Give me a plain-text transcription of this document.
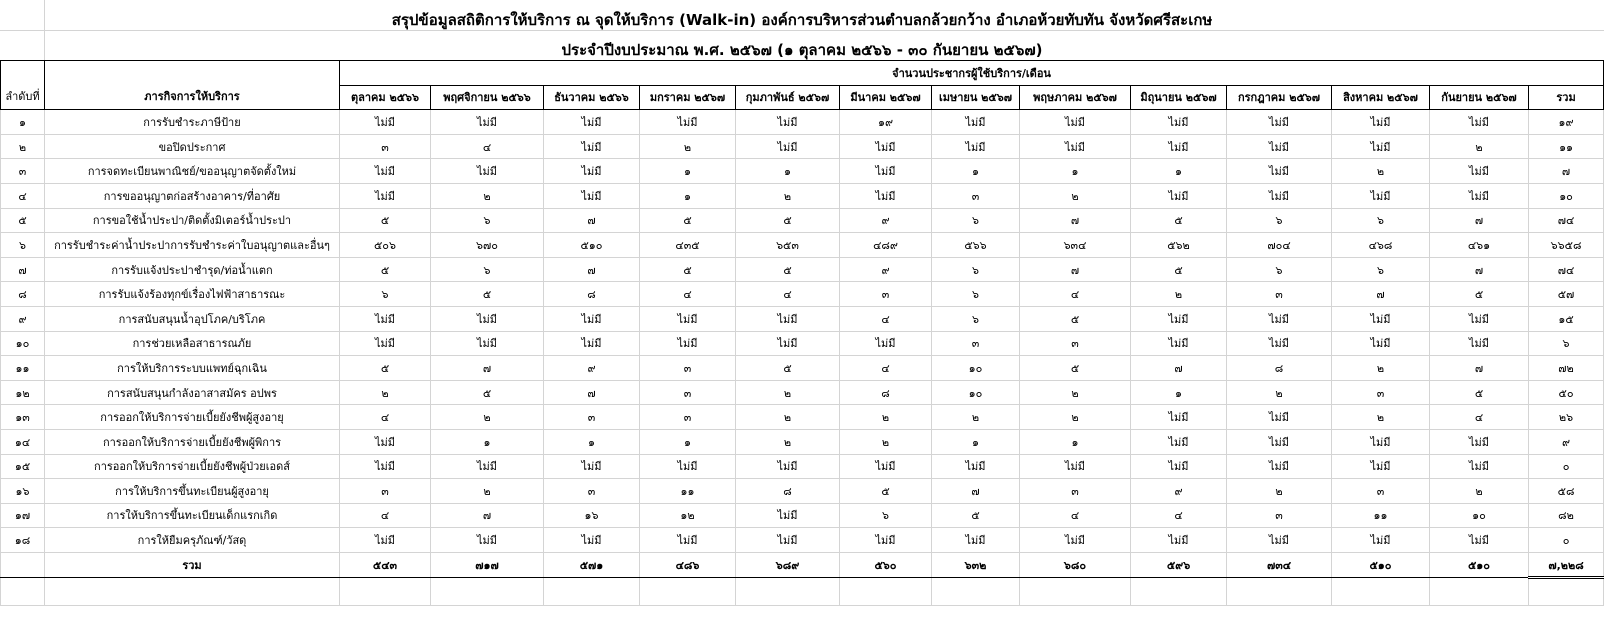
สรุปข้อมูลสถิติการให้บริการ ณ จุดให้บริการ (Walk-in) องค์การบริหารส่วนตำบลกล้วยกว้าง อำเภอห้วยทับทัน จังหวัดศรีสะเกษ
ประจำปีงบประมาณ พ.ศ. ๒๕๖๗ (๑ ตุลาคม ๒๕๖๖ - ๓๐ กันยายน ๒๕๖๗)
ลำดับที่	ภารกิจการให้บริการ	จำนวนประชากรผู้ใช้บริการ/เดือน												
		ตุลาคม ๒๕๖๖	พฤศจิกายน ๒๕๖๖	ธันวาคม ๒๕๖๖	มกราคม ๒๕๖๗	กุมภาพันธ์ ๒๕๖๗	มีนาคม ๒๕๖๗	เมษายน ๒๕๖๗	พฤษภาคม ๒๕๖๗	มิถุนายน ๒๕๖๗	กรกฎาคม ๒๕๖๗	สิงหาคม ๒๕๖๗	กันยายน ๒๕๖๗	รวม
๑	การรับชำระภาษีป้าย	ไม่มี	ไม่มี	ไม่มี	ไม่มี	ไม่มี	๑๙	ไม่มี	ไม่มี	ไม่มี	ไม่มี	ไม่มี	ไม่มี	๑๙
๒	ขอปิดประกาศ	๓	๔	ไม่มี	๒	ไม่มี	ไม่มี	ไม่มี	ไม่มี	ไม่มี	ไม่มี	ไม่มี	๒	๑๑
๓	การจดทะเบียนพาณิชย์/ขออนุญาตจัดตั้งใหม่	ไม่มี	ไม่มี	ไม่มี	๑	๑	ไม่มี	๑	๑	๑	ไม่มี	๒	ไม่มี	๗
๔	การขออนุญาตก่อสร้างอาคาร/ที่อาศัย	ไม่มี	๒	ไม่มี	๑	๒	ไม่มี	๓	๒	ไม่มี	ไม่มี	ไม่มี	ไม่มี	๑๐
๕	การขอใช้น้ำประปา/ติดตั้งมิเตอร์น้ำประปา	๕	๖	๗	๕	๕	๙	๖	๗	๕	๖	๖	๗	๗๔
๖	การรับชำระค่าน้ำประปาการรับชำระค่าใบอนุญาตและอื่นๆ	๕๐๖	๖๗๐	๕๑๐	๔๓๕	๖๕๓	๔๘๙	๕๖๖	๖๓๔	๕๖๒	๗๐๔	๔๖๘	๔๖๑	๖๖๕๘
๗	การรับแจ้งประปาชำรุด/ท่อน้ำแตก	๕	๖	๗	๕	๕	๙	๖	๗	๕	๖	๖	๗	๗๔
๘	การรับแจ้งร้องทุกข์เรื่องไฟฟ้าสาธารณะ	๖	๕	๘	๔	๔	๓	๖	๔	๒	๓	๗	๕	๕๗
๙	การสนับสนุนน้ำอุปโภค/บริโภค	ไม่มี	ไม่มี	ไม่มี	ไม่มี	ไม่มี	๔	๖	๕	ไม่มี	ไม่มี	ไม่มี	ไม่มี	๑๕
๑๐	การช่วยเหลือสาธารณภัย	ไม่มี	ไม่มี	ไม่มี	ไม่มี	ไม่มี	ไม่มี	๓	๓	ไม่มี	ไม่มี	ไม่มี	ไม่มี	๖
๑๑	การให้บริการระบบแพทย์ฉุกเฉิน	๕	๗	๙	๓	๕	๔	๑๐	๕	๗	๘	๒	๗	๗๒
๑๒	การสนับสนุนกำลังอาสาสมัคร อปพร	๒	๕	๗	๓	๒	๘	๑๐	๒	๑	๒	๓	๕	๕๐
๑๓	การออกให้บริการจ่ายเบี้ยยังชีพผู้สูงอายุ	๔	๒	๓	๓	๒	๒	๒	๒	ไม่มี	ไม่มี	๒	๔	๒๖
๑๔	การออกให้บริการจ่ายเบี้ยยังชีพผู้พิการ	ไม่มี	๑	๑	๑	๒	๒	๑	๑	ไม่มี	ไม่มี	ไม่มี	ไม่มี	๙
๑๕	การออกให้บริการจ่ายเบี้ยยังชีพผู้ป่วยเอดส์	ไม่มี	ไม่มี	ไม่มี	ไม่มี	ไม่มี	ไม่มี	ไม่มี	ไม่มี	ไม่มี	ไม่มี	ไม่มี	ไม่มี	๐
๑๖	การให้บริการขึ้นทะเบียนผู้สูงอายุ	๓	๒	๓	๑๑	๘	๕	๗	๓	๙	๒	๓	๒	๕๘
๑๗	การให้บริการขึ้นทะเบียนเด็กแรกเกิด	๔	๗	๑๖	๑๒	ไม่มี	๖	๕	๔	๔	๓	๑๑	๑๐	๘๒
๑๘	การให้ยืมครุภัณฑ์/วัสดุ	ไม่มี	ไม่มี	ไม่มี	ไม่มี	ไม่มี	ไม่มี	ไม่มี	ไม่มี	ไม่มี	ไม่มี	ไม่มี	ไม่มี	๐
	รวม	๕๔๓	๗๑๗	๕๗๑	๔๘๖	๖๘๙	๕๖๐	๖๓๒	๖๘๐	๕๙๖	๗๓๔	๕๑๐	๕๑๐	๗,๒๒๘
